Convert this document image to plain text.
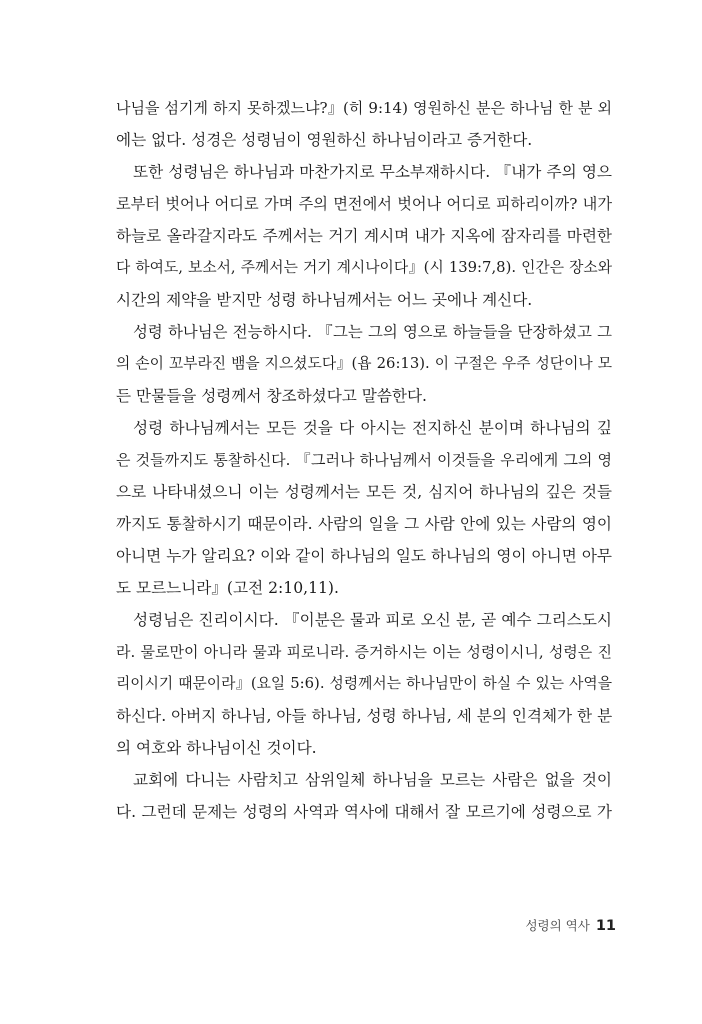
나님을 섬기게 하지 못하겠느냐?』(히 9:14) 영원하신 분은 하나님 한 분 외
에는 없다. 성경은 성령님이 영원하신 하나님이라고 증거한다.
또한 성령님은 하나님과 마찬가지로 무소부재하시다. 『내가 주의 영으
로부터 벗어나 어디로 가며 주의 면전에서 벗어나 어디로 피하리이까? 내가
하늘로 올라갈지라도 주께서는 거기 계시며 내가 지옥에 잠자리를 마련한
다 하여도, 보소서, 주께서는 거기 계시나이다』(시 139:7,8). 인간은 장소와
시간의 제약을 받지만 성령 하나님께서는 어느 곳에나 계신다.
성령 하나님은 전능하시다. 『그는 그의 영으로 하늘들을 단장하셨고 그
의 손이 꼬부라진 뱀을 지으셨도다』(욥 26:13). 이 구절은 우주 성단이나 모
든 만물들을 성령께서 창조하셨다고 말씀한다.
성령 하나님께서는 모든 것을 다 아시는 전지하신 분이며 하나님의 깊
은 것들까지도 통찰하신다. 『그러나 하나님께서 이것들을 우리에게 그의 영
으로 나타내셨으니 이는 성령께서는 모든 것, 심지어 하나님의 깊은 것들
까지도 통찰하시기 때문이라. 사람의 일을 그 사람 안에 있는 사람의 영이
아니면 누가 알리요? 이와 같이 하나님의 일도 하나님의 영이 아니면 아무
도 모르느니라』(고전 2:10,11).
성령님은 진리이시다. 『이분은 물과 피로 오신 분, 곧 예수 그리스도시
라. 물로만이 아니라 물과 피로니라. 증거하시는 이는 성령이시니, 성령은 진
리이시기 때문이라』(요일 5:6). 성령께서는 하나님만이 하실 수 있는 사역을
하신다. 아버지 하나님, 아들 하나님, 성령 하나님, 세 분의 인격체가 한 분
의 여호와 하나님이신 것이다.
교회에 다니는 사람치고 삼위일체 하나님을 모르는 사람은 없을 것이
다. 그런데 문제는 성령의 사역과 역사에 대해서 잘 모르기에 성령으로 가
성령의 역사 11
